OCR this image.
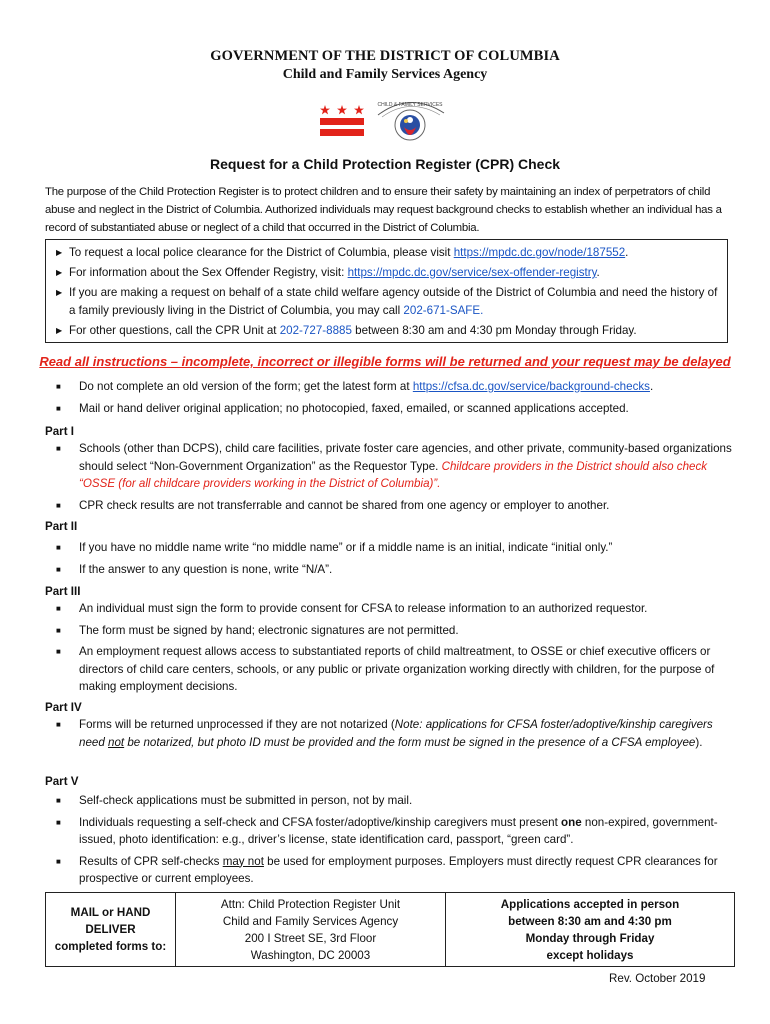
GOVERNMENT OF THE DISTRICT OF COLUMBIA
Child and Family Services Agency
CHILD & FAMILY SERVICES
Request for a Child Protection Register (CPR) Check
The purpose of the Child Protection Register is to protect children and to ensure their safety by maintaining an index of perpetrators of child abuse and neglect in the District of Columbia. Authorized individuals may request background checks to establish whether an individual has a record of substantiated abuse or neglect of a child that occurred in the District of Columbia.
▶ To request a local police clearance for the District of Columbia, please visit https://mpdc.dc.gov/node/187552.
▶ For information about the Sex Offender Registry, visit: https://mpdc.dc.gov/service/sex-offender-registry.
▶ If you are making a request on behalf of a state child welfare agency outside of the District of Columbia and need the history of a family previously living in the District of Columbia, you may call 202-671-SAFE.
▶ For other questions, call the CPR Unit at 202-727-8885 between 8:30 am and 4:30 pm Monday through Friday.
Read all instructions – incomplete, incorrect or illegible forms will be returned and your request may be delayed
■	Do not complete an old version of the form; get the latest form at https://cfsa.dc.gov/service/background-checks.
■	Mail or hand deliver original application; no photocopied, faxed, emailed, or scanned applications accepted.
Part I
■	Schools (other than DCPS), child care facilities, private foster care agencies, and other private, community-based organizations should select “Non-Government Organization” as the Requestor Type. Childcare providers in the District should also check “OSSE (for all childcare providers working in the District of Columbia)”.
■	CPR check results are not transferrable and cannot be shared from one agency or employer to another.
Part II
■	If you have no middle name write “no middle name” or if a middle name is an initial, indicate “initial only.”
■	If the answer to any question is none, write “N/A”.
Part III
■	An individual must sign the form to provide consent for CFSA to release information to an authorized requestor.
■	The form must be signed by hand; electronic signatures are not permitted.
■	An employment request allows access to substantiated reports of child maltreatment, to OSSE or chief executive officers or directors of child care centers, schools, or any public or private organization working directly with children, for the purpose of making employment decisions.
Part IV
■	Forms will be returned unprocessed if they are not notarized (Note: applications for CFSA foster/adoptive/kinship caregivers need not be notarized, but photo ID must be provided and the form must be signed in the presence of a CFSA employee).
Part V
■	Self-check applications must be submitted in person, not by mail.
■	Individuals requesting a self-check and CFSA foster/adoptive/kinship caregivers must present one non-expired, government-issued, photo identification: e.g., driver’s license, state identification card, passport, “green card”.
■	Results of CPR self-checks may not be used for employment purposes. Employers must directly request CPR clearances for prospective or current employees.
MAIL or HAND DELIVER
completed forms to:

Attn: Child Protection Register Unit
Child and Family Services Agency
200 I Street SE, 3rd Floor
Washington, DC 20003

Applications accepted in person
between 8:30 am and 4:30 pm
Monday through Friday
except holidays
Rev. October 2019
